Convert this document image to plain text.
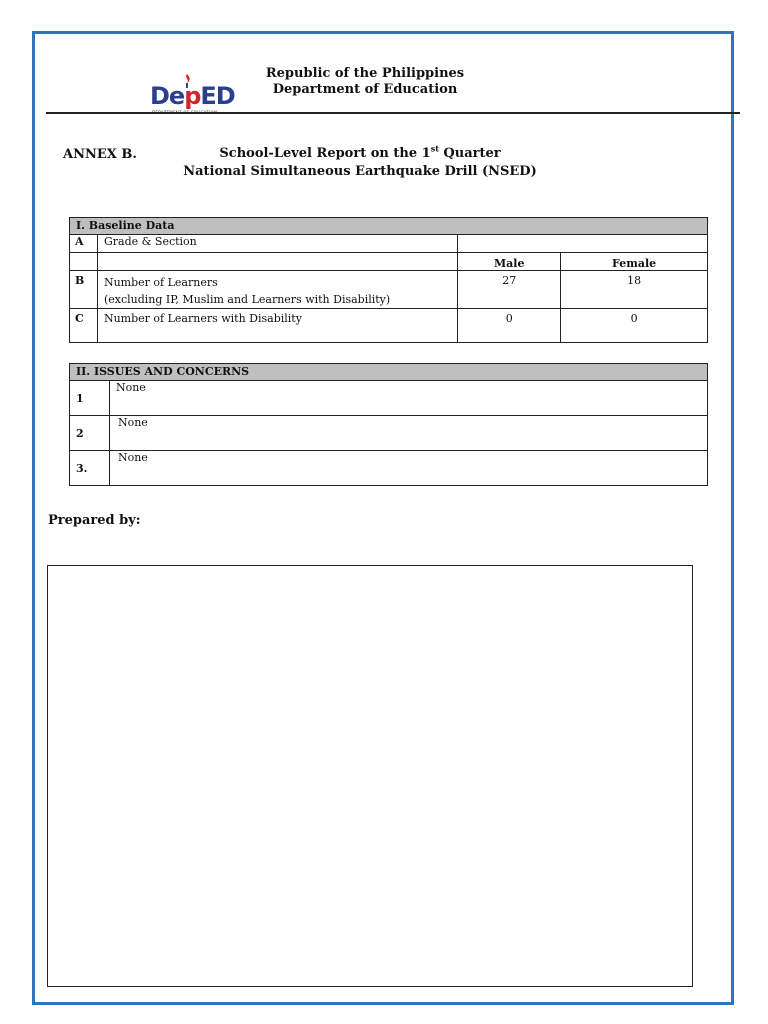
DepED
DEPARTMENT OF EDUCATION
Republic of the Philippines
Department of Education
ANNEX B.	School-Level Report on the 1st Quarter
National Simultaneous Earthquake Drill (NSED)
I. Baseline Data			
A	Grade & Section		
		Male	Female
B	Number of Learners
(excluding IP, Muslim and Learners with Disability)	27	18
C	Number of Learners with Disability	0	0
II. ISSUES AND CONCERNS	
1	None
2	None
3.	None
Prepared by:
